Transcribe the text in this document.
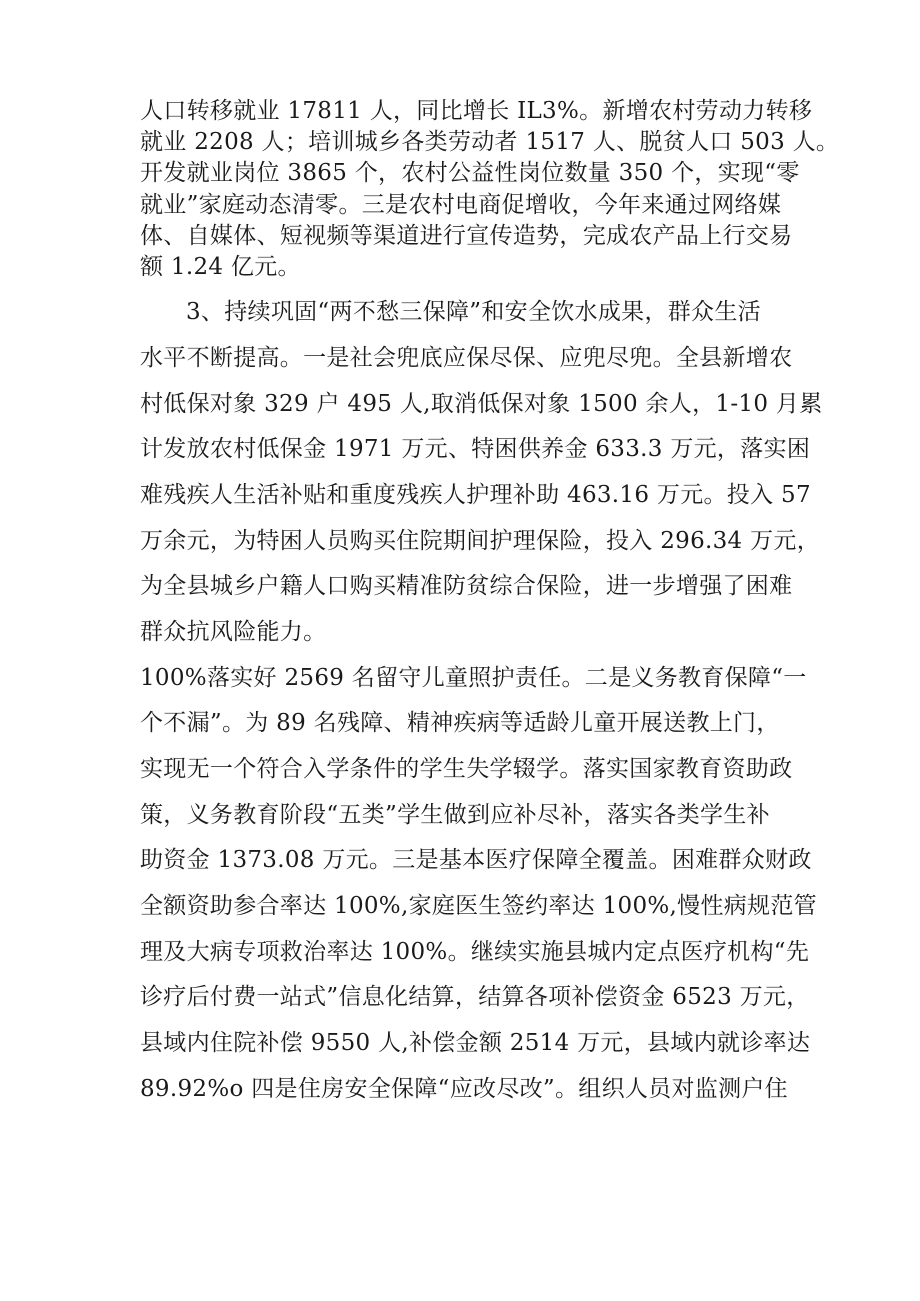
人口转移就业 17811 人，同比增长 IL3%。新增农村劳动力转移
就业 2208 人；培训城乡各类劳动者 1517 人、脱贫人口 503 人。
开发就业岗位 3865 个，农村公益性岗位数量 350 个，实现“零
就业”家庭动态清零。三是农村电商促增收，今年来通过网络媒
体、自媒体、短视频等渠道进行宣传造势，完成农产品上行交易
额 1.24 亿元。
3、持续巩固“两不愁三保障”和安全饮水成果，群众生活
水平不断提高。一是社会兜底应保尽保、应兜尽兜。全县新增农
村低保对象 329 户 495 人,取消低保对象 1500 余人，1-10 月累
计发放农村低保金 1971 万元、特困供养金 633.3 万元，落实困
难残疾人生活补贴和重度残疾人护理补助 463.16 万元。投入 57
万余元，为特困人员购买住院期间护理保险，投入 296.34 万元，
为全县城乡户籍人口购买精准防贫综合保险，进一步增强了困难
群众抗风险能力。
100%落实好 2569 名留守儿童照护责任。二是义务教育保障“一
个不漏”。为 89 名残障、精神疾病等适龄儿童开展送教上门，
实现无一个符合入学条件的学生失学辍学。落实国家教育资助政
策，义务教育阶段“五类”学生做到应补尽补，落实各类学生补
助资金 1373.08 万元。三是基本医疗保障全覆盖。困难群众财政
全额资助参合率达 100%,家庭医生签约率达 100%,慢性病规范管
理及大病专项救治率达 100%。继续实施县城内定点医疗机构“先
诊疗后付费一站式”信息化结算，结算各项补偿资金 6523 万元，
县域内住院补偿 9550 人,补偿金额 2514 万元，县域内就诊率达
89.92%o 四是住房安全保障“应改尽改”。组织人员对监测户住
